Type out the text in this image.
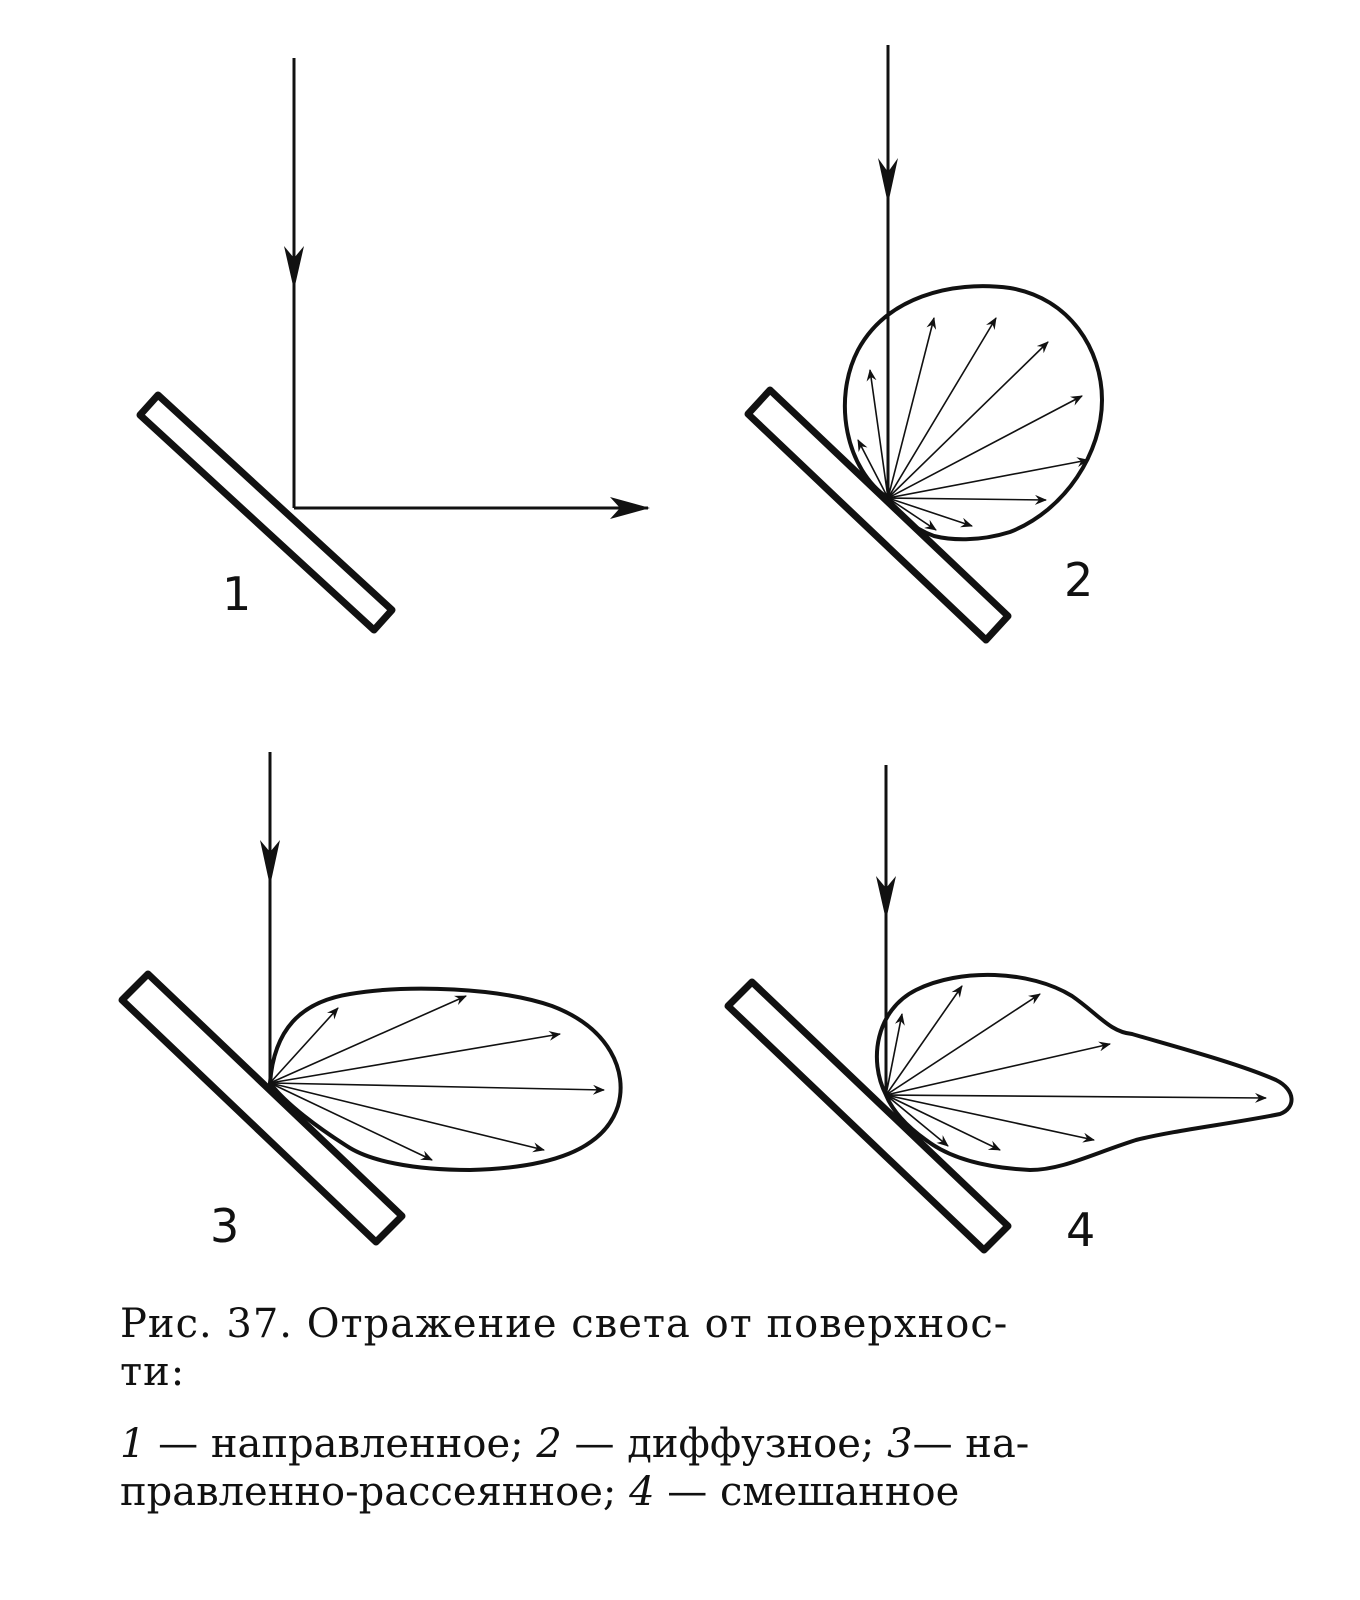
1	2
3	4
Рис. 37. Отражение света от поверхнос-
ти:
1 — направленное; 2 — диффузное; 3— на-
правленно-рассеянное; 4 — смешанное
